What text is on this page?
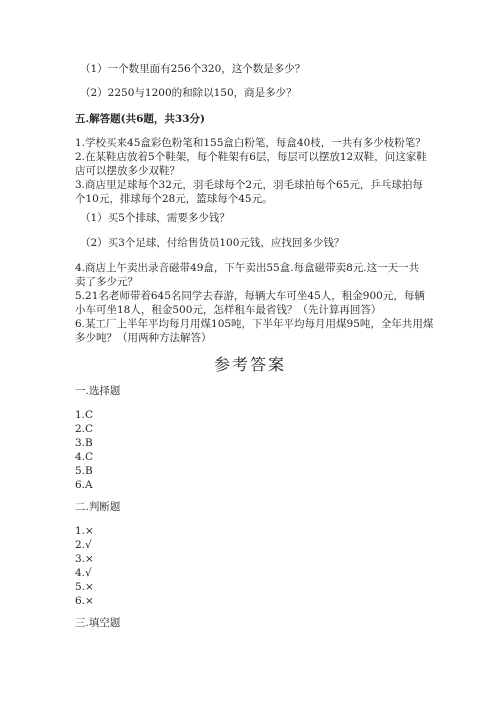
（1）一个数里面有256个320，这个数是多少？
（2）2250与1200的和除以150，商是多少？
五.解答题(共6题，共33分)
1.学校买来45盒彩色粉笔和155盒白粉笔，每盒40枝，一共有多少枝粉笔？
2.在某鞋店放着5个鞋架，每个鞋架有6层，每层可以摆放12双鞋，问这家鞋
店可以摆放多少双鞋？
3.商店里足球每个32元，羽毛球每个2元，羽毛球拍每个65元，乒乓球拍每
个10元，排球每个28元，篮球每个45元。
（1）买5个排球，需要多少钱？
（2）买3个足球，付给售货员100元钱，应找回多少钱？
4.商店上午卖出录音磁带49盒，下午卖出55盒.每盒磁带卖8元.这一天一共
卖了多少元？
5.21名老师带着645名同学去春游，每辆大车可坐45人，租金900元，每辆
小车可坐18人，租金500元，怎样租车最省钱？（先计算再回答）
6.某工厂上半年平均每月用煤105吨，下半年平均每月用煤95吨，全年共用煤
多少吨？（用两种方法解答）
参考答案
一.选择题
1.C
2.C
3.B
4.C
5.B
6.A
二.判断题
1.×
2.√
3.×
4.√
5.×
6.×
三.填空题
